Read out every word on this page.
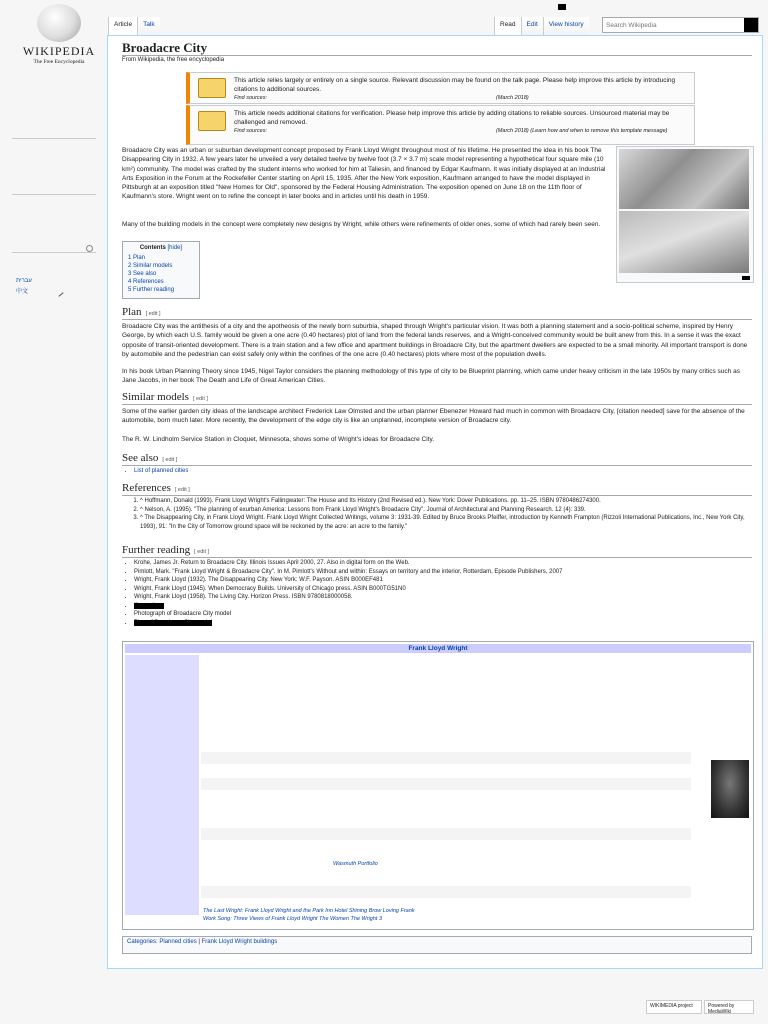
WIKIPEDIA
The Free Encyclopedia
עברית
中文
Article	Talk	Read	Edit	View history
Search Wikipedia
Broadacre City
From Wikipedia, the free encyclopedia
This article relies largely or entirely on a single source. Relevant discussion may be found on the talk page. Please help improve this article by introducing citations to additional sources.
Find sources:	(March 2018)
This article needs additional citations for verification. Please help improve this article by adding citations to reliable sources. Unsourced material may be challenged and removed.
Find sources:	(March 2018) (Learn how and when to remove this template message)
Broadacre City was an urban or suburban development concept proposed by Frank Lloyd Wright throughout most of his lifetime. He presented the idea in his book The Disappearing City in 1932. A few years later he unveiled a very detailed twelve by twelve foot (3.7 × 3.7 m) scale model representing a hypothetical four square mile (10 km²) community. The model was crafted by the student interns who worked for him at Taliesin, and financed by Edgar Kaufmann. It was initially displayed at an Industrial Arts Exposition in the Forum at the Rockefeller Center starting on April 15, 1935. After the New York exposition, Kaufmann arranged to have the model displayed in Pittsburgh at an exposition titled "New Homes for Old", sponsored by the Federal Housing Administration. The exposition opened on June 18 on the 11th floor of Kaufmann's store. Wright went on to refine the concept in later books and in articles until his death in 1959.
Many of the building models in the concept were completely new designs by Wright, while others were refinements of older ones, some of which had rarely been seen.
Contents [hide]
1 Plan
2 Similar models
3 See also
4 References
5 Further reading
Plan [ edit ]
Broadacre City was the antithesis of a city and the apotheosis of the newly born suburbia, shaped through Wright's particular vision. It was both a planning statement and a socio-political scheme, inspired by Henry George, by which each U.S. family would be given a one acre (0.40 hectares) plot of land from the federal lands reserves, and a Wright-conceived community would be built anew from this. In a sense it was the exact opposite of transit-oriented development. There is a train station and a few office and apartment buildings in Broadacre City, but the apartment dwellers are expected to be a small minority. All important transport is done by automobile and the pedestrian can exist safely only within the confines of the one acre (0.40 hectares) plots where most of the population dwells.
In his book Urban Planning Theory since 1945, Nigel Taylor considers the planning methodology of this type of city to be Blueprint planning, which came under heavy criticism in the late 1950s by many critics such as Jane Jacobs, in her book The Death and Life of Great American Cities.
Similar models [ edit ]
Some of the earlier garden city ideas of the landscape architect Frederick Law Olmsted and the urban planner Ebenezer Howard had much in common with Broadacre City, [citation needed] save for the absence of the automobile, born much later. More recently, the development of the edge city is like an unplanned, incomplete version of Broadacre city.
The R. W. Lindholm Service Station in Cloquet, Minnesota, shows some of Wright's ideas for Broadacre City.
See also [ edit ]
• List of planned cities
References [ edit ]
1. ^ Hoffmann, Donald (1993). Frank Lloyd Wright's Fallingwater: The House and Its History (2nd Revised ed.). New York: Dover Publications. pp. 11–25. ISBN 9780486274300.
2. ^ Nelson, A. (1995). "The planning of exurban America: Lessons from Frank Lloyd Wright's Broadacre City". Journal of Architectural and Planning Research. 12 (4): 339.
3. ^ The Disappearing City, in Frank Lloyd Wright. Frank Lloyd Wright Collected Writings, volume 3: 1931-39. Edited by Bruce Brooks Pfeiffer, introduction by Kenneth Frampton (Rizzoli International Publications, Inc., New York City, 1993), 91: "In the City of Tomorrow ground space will be reckoned by the acre: an acre to the family."
Further reading [ edit ]
• Krohe, James Jr. Return to Broadacre City. Illinois Issues April 2000, 27. Also in digital form on the Web.
• Pimlott, Mark. "Frank Lloyd Wright & Broadacre City". In M. Pimlott's Without and within: Essays on territory and the interior, Rotterdam, Episode Publishers, 2007
• Wright, Frank Lloyd (1932). The Disappearing City. New York: W.F. Payson. ASIN B000EF481
• Wright, Frank Lloyd (1945). When Democracy Builds. University of Chicago press. ASIN B000TG51N0
• Wright, Frank Lloyd (1958). The Living City. Horizon Press. ISBN 9780818000058.
• Illustrations
• Photograph of Broadacre City model
• Plan of Broadacre City model
Frank Lloyd Wright
Wasmuth Portfolio
The Last Wright: Frank Lloyd Wright and the Park Inn Hotel Shining Brow Loving Frank
Work Song: Three Views of Frank Lloyd Wright The Women The Wright 3
Categories: Planned cities | Frank Lloyd Wright buildings
WIKIMEDIA project	Powered by MediaWiki
